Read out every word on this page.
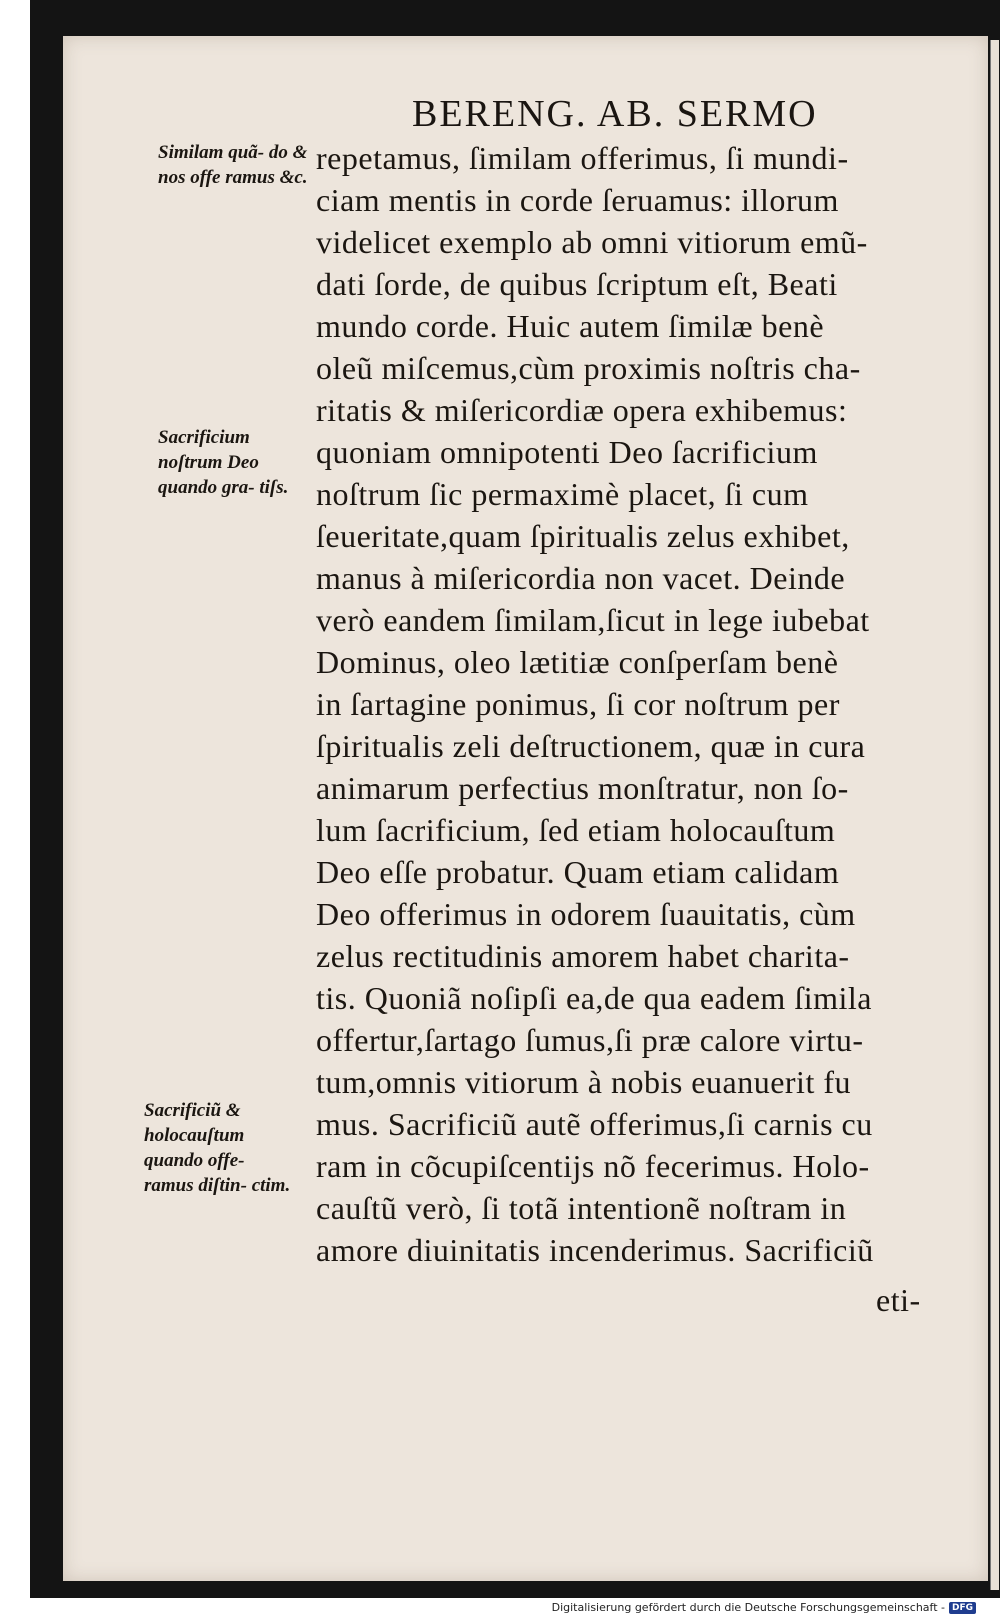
BERENG. AB. SERMO
Similam quã- do & nos offe ramus &c.
Sacrificium noſtrum Deo quando gra- tiſs.
Sacrificiũ & holocauſtum quando offe- ramus diſtin- ctim.
repetamus, ſimilam offerimus, ſi mundi-
ciam mentis in corde ſeruamus: illorum
videlicet exemplo ab omni vitiorum emũ-
dati ſorde, de quibus ſcriptum eſt, Beati
mundo corde. Huic autem ſimilæ benè
oleũ miſcemus,cùm proximis noſtris cha-
ritatis & miſericordiæ opera exhibemus:
quoniam omnipotenti Deo ſacrificium
noſtrum ſic permaximè placet, ſi cum
ſeueritate,quam ſpiritualis zelus exhibet,
manus à miſericordia non vacet. Deinde
verò eandem ſimilam,ſicut in lege iubebat
Dominus, oleo lætitiæ conſperſam benè
in ſartagine ponimus, ſi cor noſtrum per
ſpiritualis zeli deſtructionem, quæ in cura
animarum perfectius monſtratur, non ſo-
lum ſacrificium, ſed etiam holocauſtum
Deo eſſe probatur. Quam etiam calidam
Deo offerimus in odorem ſuauitatis, cùm
zelus rectitudinis amorem habet charita-
tis. Quoniã noſipſi ea,de qua eadem ſimila
offertur,ſartago ſumus,ſi præ calore virtu-
tum,omnis vitiorum à nobis euanuerit fu
mus. Sacrificiũ autẽ offerimus,ſi carnis cu
ram in cõcupiſcentijs nõ fecerimus. Holo-
cauſtũ verò, ſi totã intentionẽ noſtram in
amore diuinitatis incenderimus. Sacrificiũ
eti-
Digitalisierung gefördert durch die Deutsche Forschungsgemeinschaft - DFG
